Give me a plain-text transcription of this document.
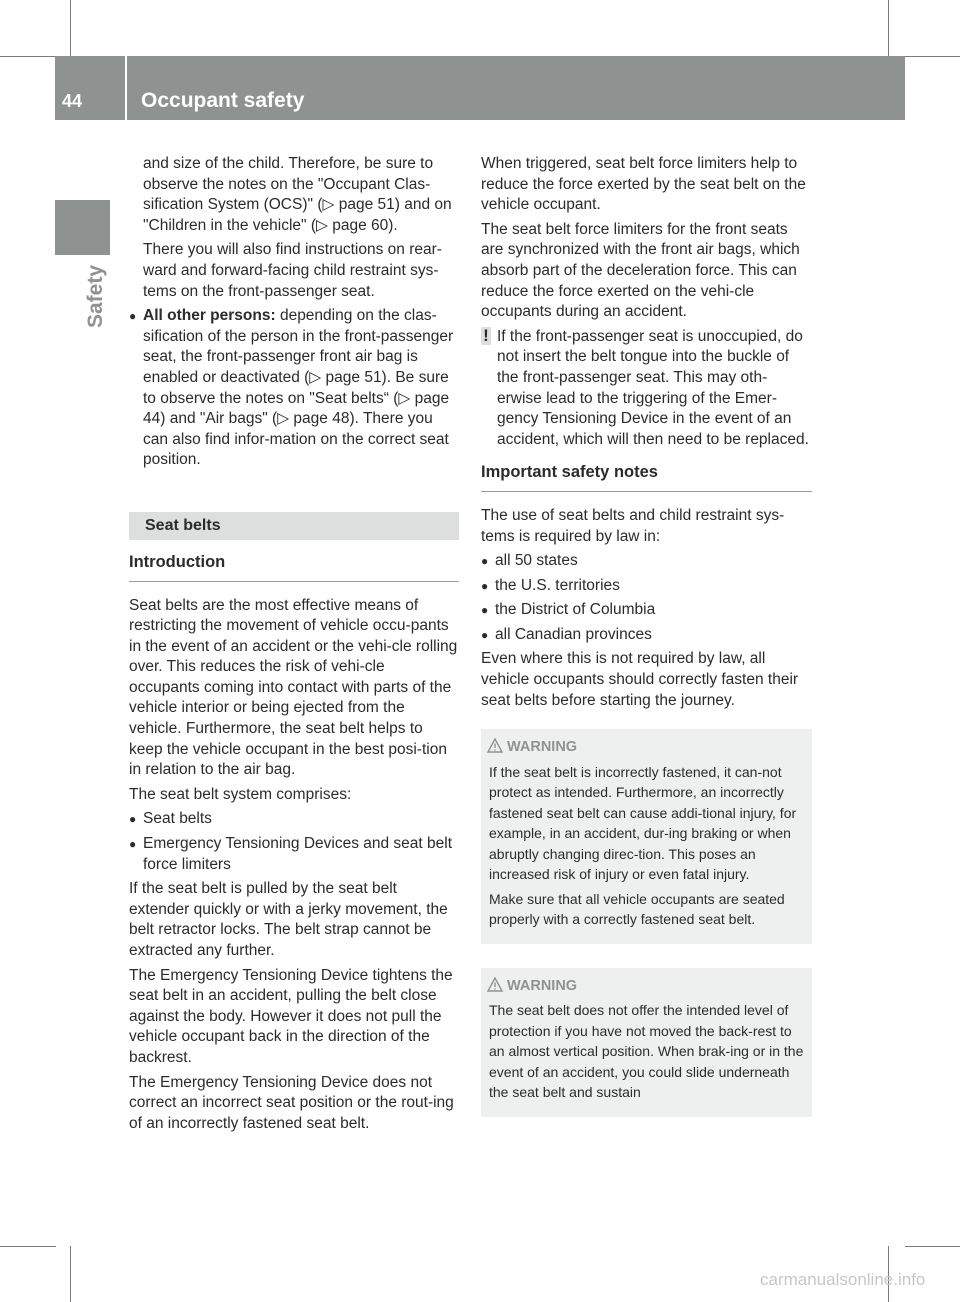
44	Occupant safety
Safety

and size of the child. Therefore, be sure to observe the notes on the "Occupant Clas-sification System (OCS)" (▷ page 51) and on "Children in the vehicle" (▷ page 60).

There you will also find instructions on rear-ward and forward-facing child restraint sys-tems on the front-passenger seat.

● All other persons: depending on the clas-sification of the person in the front-passenger seat, the front-passenger front air bag is enabled or deactivated (▷ page 51). Be sure to observe the notes on "Seat belts“ (▷ page 44) and "Air bags" (▷ page 48). There you can also find infor-mation on the correct seat position.
Seat belts
Introduction

Seat belts are the most effective means of restricting the movement of vehicle occu-pants in the event of an accident or the vehi-cle rolling over. This reduces the risk of vehi-cle occupants coming into contact with parts of the vehicle interior or being ejected from the vehicle. Furthermore, the seat belt helps to keep the vehicle occupant in the best posi-tion in relation to the air bag.

The seat belt system comprises:

● Seat belts
● Emergency Tensioning Devices and seat belt force limiters

If the seat belt is pulled by the seat belt extender quickly or with a jerky movement, the belt retractor locks. The belt strap cannot be extracted any further.

The Emergency Tensioning Device tightens the seat belt in an accident, pulling the belt close against the body. However it does not pull the vehicle occupant back in the direction of the backrest.

The Emergency Tensioning Device does not correct an incorrect seat position or the rout-ing of an incorrectly fastened seat belt.

When triggered, seat belt force limiters help to reduce the force exerted by the seat belt on the vehicle occupant.

The seat belt force limiters for the front seats are synchronized with the front air bags, which absorb part of the deceleration force. This can reduce the force exerted on the vehi-cle occupants during an accident.

! If the front-passenger seat is unoccupied, do not insert the belt tongue into the buckle of the front-passenger seat. This may oth-erwise lead to the triggering of the Emer-gency Tensioning Device in the event of an accident, which will then need to be replaced.
Important safety notes

The use of seat belts and child restraint sys-tems is required by law in:

● all 50 states
● the U.S. territories
● the District of Columbia
● all Canadian provinces

Even where this is not required by law, all vehicle occupants should correctly fasten their seat belts before starting the journey.

WARNING

If the seat belt is incorrectly fastened, it can-not protect as intended. Furthermore, an incorrectly fastened seat belt can cause addi-tional injury, for example, in an accident, dur-ing braking or when abruptly changing direc-tion. This poses an increased risk of injury or even fatal injury.

Make sure that all vehicle occupants are seated properly with a correctly fastened seat belt.

WARNING

The seat belt does not offer the intended level of protection if you have not moved the back-rest to an almost vertical position. When brak-ing or in the event of an accident, you could slide underneath the seat belt and sustain

carmanualsonline.info
